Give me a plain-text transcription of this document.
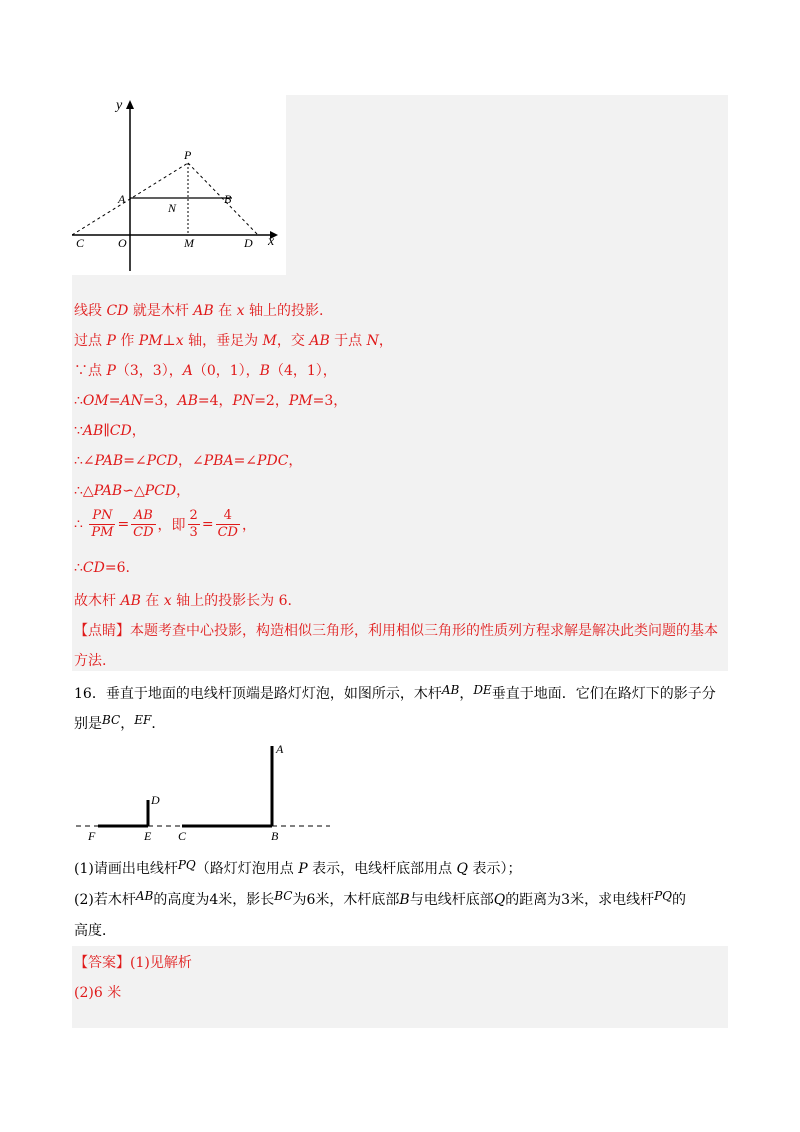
y
x
P
A	B
N
C	O	M	D
线段 CD 就是木杆 AB 在 x 轴上的投影.
过点 P 作 PM⊥x 轴，垂足为 M，交 AB 于点 N，
∵点 P（3，3），A（0，1），B（4，1），
∴OM=AN=3，AB=4，PN=2，PM=3，
∵AB∥CD，
∴∠PAB=∠PCD，∠PBA=∠PDC，
∴△PAB∽△PCD，
∴ $\frac{PN}{PM} = \frac{AB}{CD}$ ，即 $\frac{2}{3} = \frac{4}{CD}$ ，
∴CD=6.
故木杆 AB 在 x 轴上的投影长为 6.
【点睛】本题考查中心投影，构造相似三角形，利用相似三角形的性质列方程求解是解决此类问题的基本
方法.
16．垂直于地面的电线杆顶端是路灯灯泡，如图所示，木杆AB，DE垂直于地面．它们在路灯下的影子分
别是BC，EF．
A
D
F	E C	B
(1)请画出电线杆PQ（路灯灯泡用点 P 表示，电线杆底部用点 Q 表示）；
(2)若木杆AB的高度为4米，影长BC为6米，木杆底部B与电线杆底部Q的距离为3米，求电线杆PQ的
高度．
【答案】(1)见解析
(2)6 米
